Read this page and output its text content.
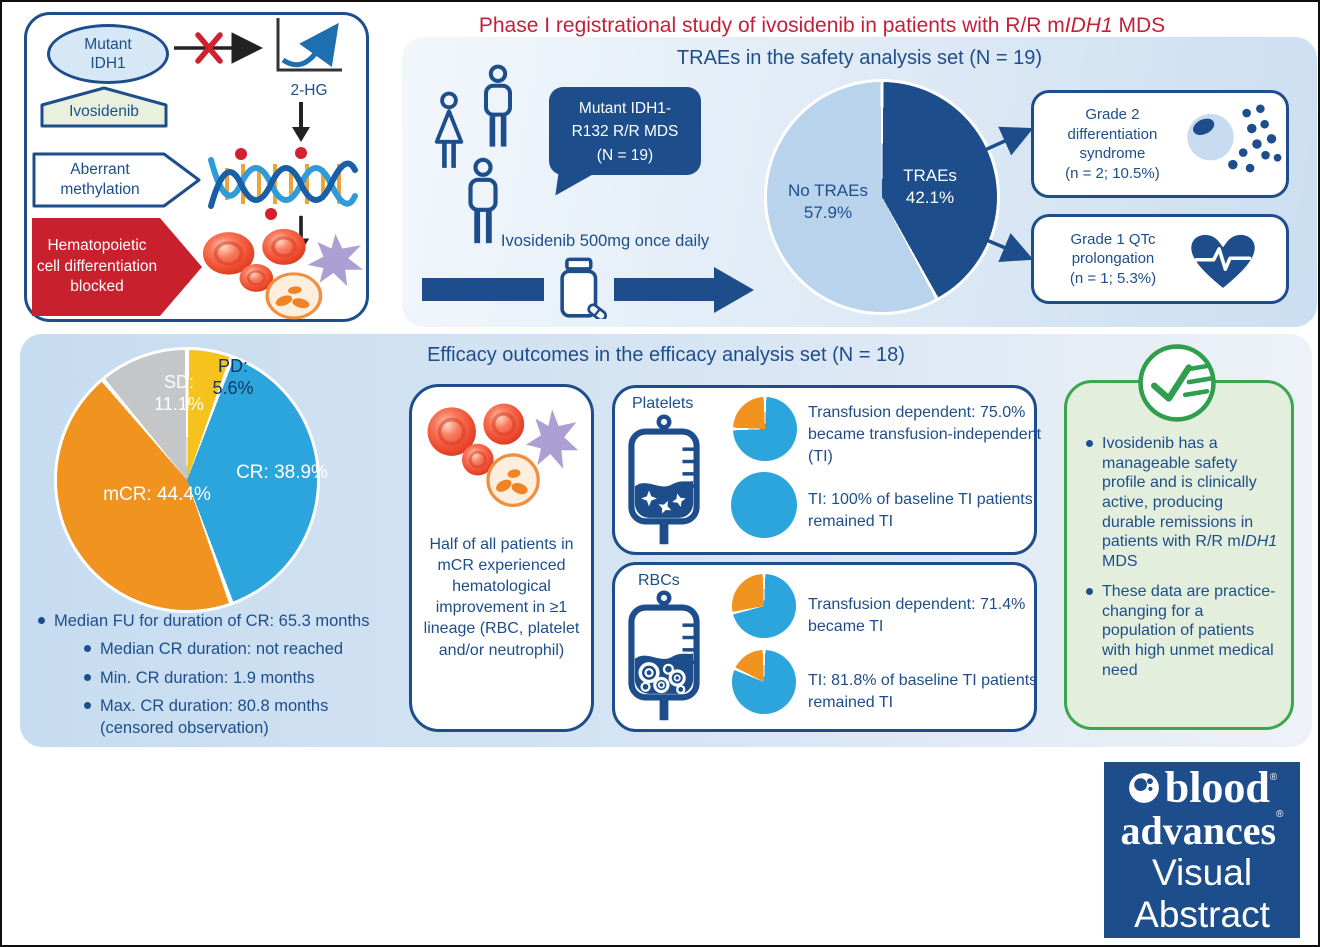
Mutant IDH1
2-HG
Ivosidenib
Aberrant methylation
Hematopoietic cell differentiation blocked
Phase I registrational study of ivosidenib in patients with R/R mIDH1 MDS
TRAEs in the safety analysis set (N = 19)
Mutant IDH1-
R132 R/R MDS
(N = 19)
Ivosidenib 500mg once daily
No TRAEs
57.9%
TRAEs
42.1%
Grade 2 differentiation syndrome
(n = 2; 10.5%)
Grade 1 QTc prolongation
(n = 1; 5.3%)
Efficacy outcomes in the efficacy analysis set (N = 18)
PD:
5.6%
SD:
11.1%
CR: 38.9%
mCR: 44.4%
Median FU for duration of CR: 65.3 months
Median CR duration: not reached
Min. CR duration: 1.9 months
Max. CR duration: 80.8 months
(censored observation)
Half of all patients in mCR experienced hematological improvement in ≥1 lineage (RBC, platelet and/or neutrophil)
Platelets
Transfusion dependent: 75.0% became transfusion-independent (TI)
TI: 100% of baseline TI patients remained TI
RBCs
Transfusion dependent: 71.4% became TI
TI: 81.8% of baseline TI patients remained TI
Ivosidenib has a manageable safety profile and is clinically active, producing durable remissions in patients with R/R mIDH1 MDS
These data are practice-changing for a population of patients with high unmet medical need
blood®
advances®
Visual
Abstract
